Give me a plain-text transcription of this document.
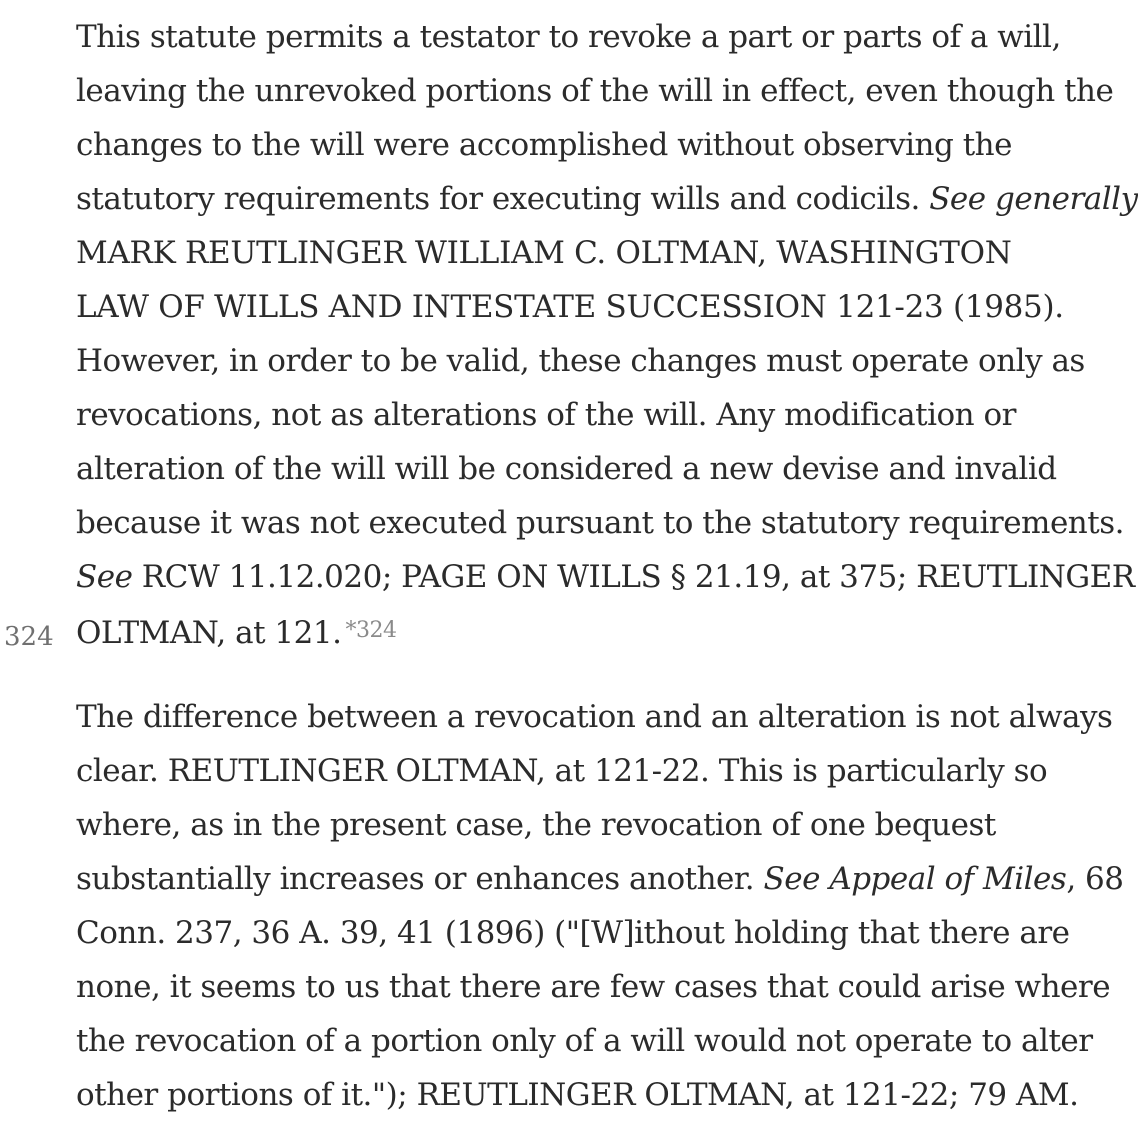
This statute permits a testator to revoke a part or parts of a will,
leaving the unrevoked portions of the will in effect, even though the
changes to the will were accomplished without observing the
statutory requirements for executing wills and codicils. See generally
MARK REUTLINGER WILLIAM C. OLTMAN, WASHINGTON
LAW OF WILLS AND INTESTATE SUCCESSION 121-23 (1985).
However, in order to be valid, these changes must operate only as
revocations, not as alterations of the will. Any modification or
alteration of the will will be considered a new devise and invalid
because it was not executed pursuant to the statutory requirements.
See RCW 11.12.020; PAGE ON WILLS § 21.19, at 375; REUTLINGER
OLTMAN, at 121. *324
324
The difference between a revocation and an alteration is not always
clear. REUTLINGER OLTMAN, at 121-22. This is particularly so
where, as in the present case, the revocation of one bequest
substantially increases or enhances another. See Appeal of Miles, 68
Conn. 237, 36 A. 39, 41 (1896) ("[W]ithout holding that there are
none, it seems to us that there are few cases that could arise where
the revocation of a portion only of a will would not operate to alter
other portions of it."); REUTLINGER OLTMAN, at 121-22; 79 AM.
